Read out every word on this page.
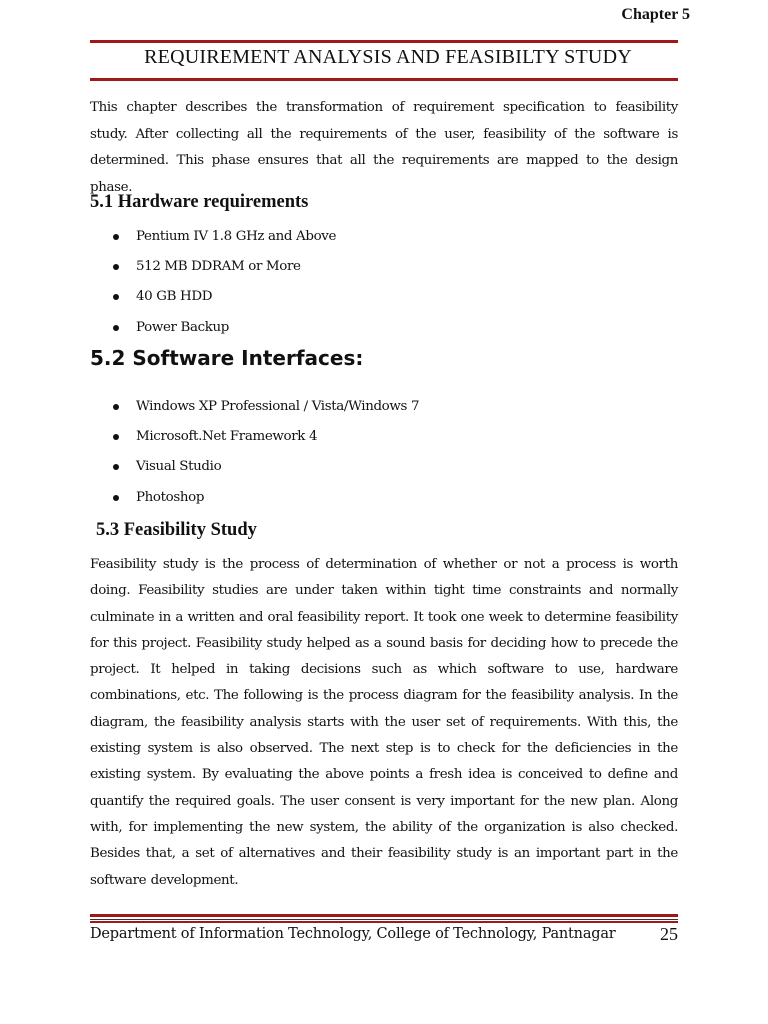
Chapter 5
REQUIREMENT ANALYSIS AND FEASIBILTY STUDY
This chapter describes the transformation of requirement specification to feasibility study. After collecting all the requirements of the user, feasibility of the software is determined. This phase ensures that all the requirements are mapped to the design phase.
5.1 Hardware requirements
Pentium IV 1.8 GHz and Above
512 MB DDRAM or More
40 GB HDD
Power Backup
5.2 Software Interfaces:
Windows XP Professional / Vista/Windows 7
Microsoft.Net Framework 4
Visual Studio
Photoshop
5.3 Feasibility Study
Feasibility study is the process of determination of whether or not a process is worth doing. Feasibility studies are under taken within tight time constraints and normally culminate in a written and oral feasibility report. It took one week to determine feasibility for this project. Feasibility study helped as a sound basis for deciding how to precede the project. It helped in taking decisions such as which software to use, hardware combinations, etc. The following is the process diagram for the feasibility analysis. In the diagram, the feasibility analysis starts with the user set of requirements. With this, the existing system is also observed. The next step is to check for the deficiencies in the existing system. By evaluating the above points a fresh idea is conceived to define and quantify the required goals. The user consent is very important for the new plan. Along with, for implementing the new system, the ability of the organization is also checked. Besides that, a set of alternatives and their feasibility study is an important part in the software development.
Department of Information Technology, College of Technology, Pantnagar 25
